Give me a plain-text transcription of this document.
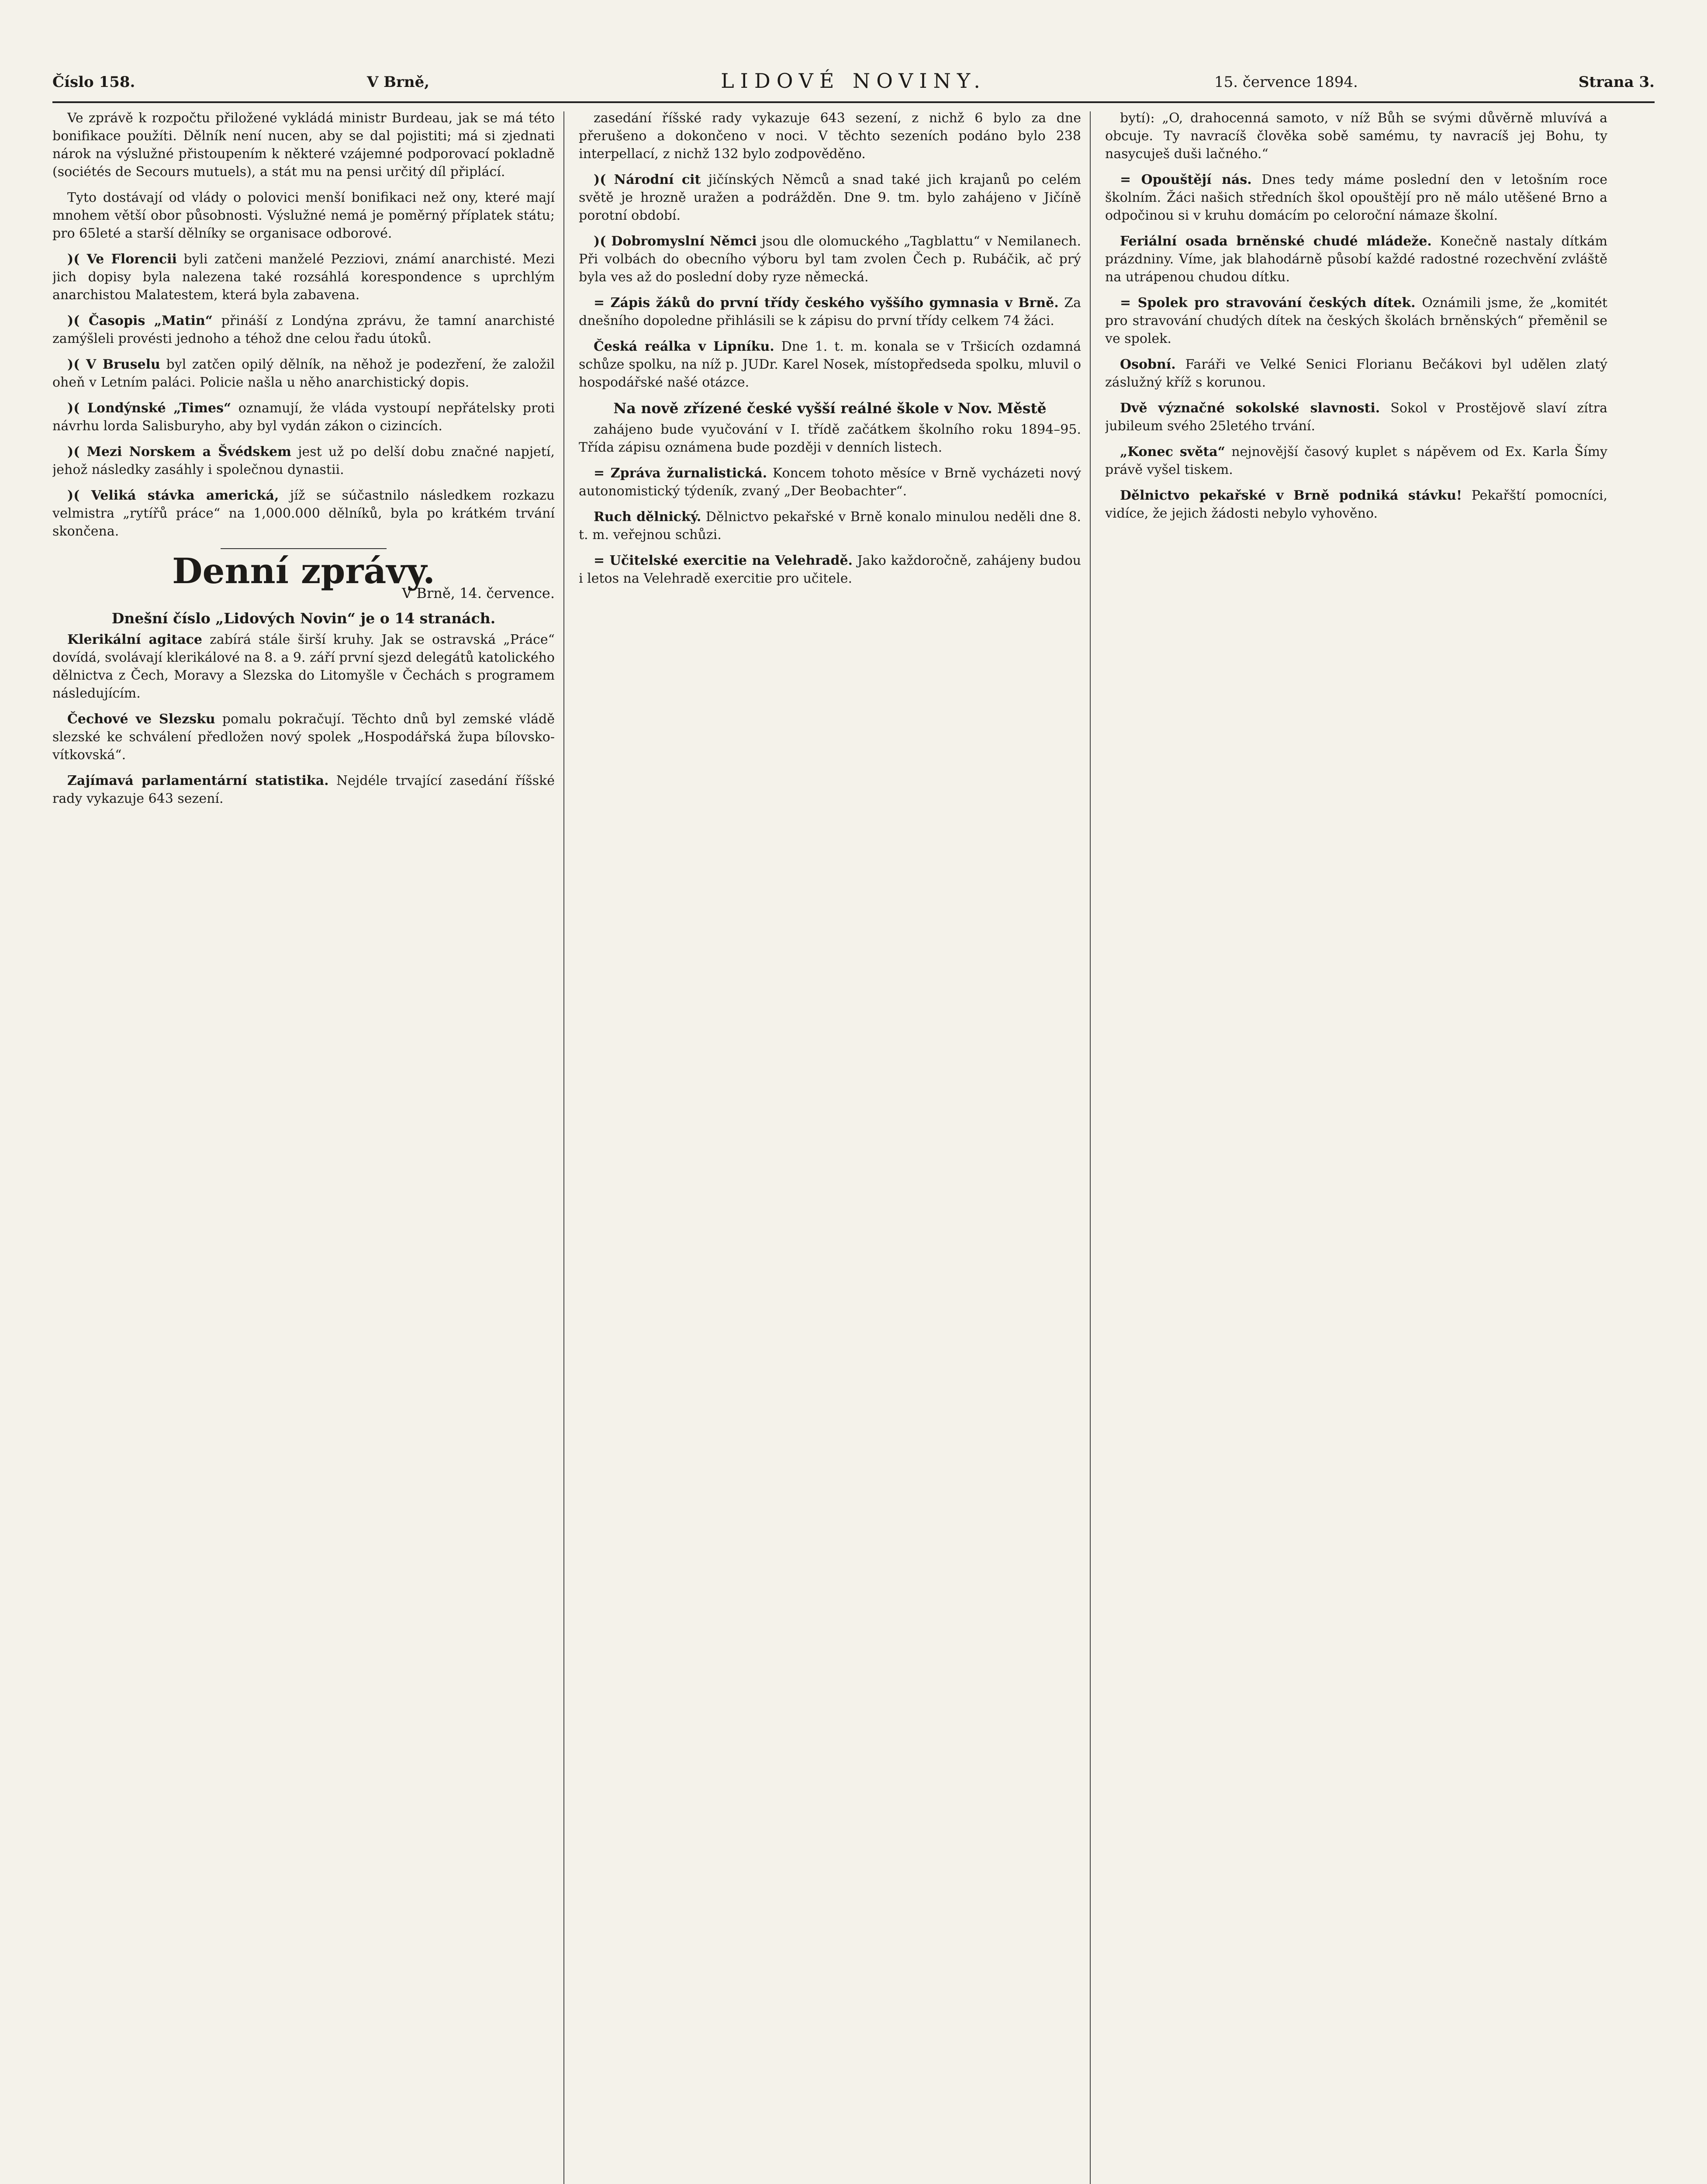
Číslo 158.	V Brně,	LIDOVÉ NOVINY.	15. července 1894.	Strana 3.

Ve zprávě k rozpočtu přiložené vykládá ministr Burdeau, jak se má této bonifikace použíti. Dělník není nucen, aby se dal pojistiti; má si zjednati nárok na výslužné přistoupením k některé vzájemné podporovací pokladně (sociétés de Secours mutuels), a stát mu na pensi určitý díl připlácí.

Tyto dostávají od vlády o polovici menší bonifikaci než ony, které mají mnohem větší obor působnosti. Výslužné nemá je poměrný příplatek státu; pro 65leté a starší dělníky se organisace odborové.

)( Ve Florencii byli zatčeni manželé Pezziovi, známí anarchisté. Mezi jich dopisy byla nalezena také rozsáhlá korespondence s uprchlým anarchistou Malatestem, která byla zabavena.

)( Časopis „Matin“ přináší z Londýna zprávu, že tamní anarchisté zamýšleli provésti jednoho a téhož dne celou řadu útoků.

)( V Bruselu byl zatčen opilý dělník, na něhož je podezření, že založil oheň v Letním paláci. Policie našla u něho anarchistický dopis.

)( Londýnské „Times“ oznamují, že vláda vystoupí nepřátelsky proti návrhu lorda Salisburyho, aby byl vydán zákon o cizincích.

)( Mezi Norskem a Švédskem jest už po delší dobu značné napjetí, jehož následky zasáhly i společnou dynastii.

)( Veliká stávka americká, jíž se súčastnilo následkem rozkazu velmistra „rytířů práce“ na 1,000.000 dělníků, byla po krátkém trvání skončena.

Denní zprávy.
V Brně, 14. července.
Dnešní číslo „Lidových Novin“ je o 14 stranách.

Klerikální agitace zabírá stále širší kruhy. Jak se ostravská „Práce“ dovídá, svolávají klerikálové na 8. a 9. září první sjezd delegátů katolického dělnictva z Čech, Moravy a Slezska do Litomyšle v Čechách s programem následujícím.

Čechové ve Slezsku pomalu pokračují. Těchto dnů byl zemské vládě slezské ke schválení předložen nový spolek „Hospodářská župa bílovsko-vítkovská“.

Zajímavá parlamentární statistika. Nejdéle trvající zasedání říšské rady vykazuje 643 sezení.

zasedání říšské rady vykazuje 643 sezení, z nichž 6 bylo za dne přerušeno a dokončeno v noci. V těchto sezeních podáno bylo 238 interpellací, z nichž 132 bylo zodpověděno.

)( Národní cit jičínských Němců a snad také jich krajanů po celém světě je hrozně uražen a podrážděn. Dne 9. tm. bylo zahájeno v Jičíně porotní období.

)( Dobromyslní Němci jsou dle olomuckého „Tagblattu“ v Nemilanech. Při volbách do obecního výboru byl tam zvolen Čech p. Rubáčik, ač prý byla ves až do poslední doby ryze německá.

= Zápis žáků do první třídy českého vyššího gymnasia v Brně. Za dnešního dopoledne přihlásili se k zápisu do první třídy celkem 74 žáci.

Česká reálka v Lipníku. Dne 1. t. m. konala se v Tršicích ozdamná schůze spolku, na níž p. JUDr. Karel Nosek, místopředseda spolku, mluvil o hospodářské našé otázce.

Na nově zřízené české vyšší reálné škole v Nov. Městě

zahájeno bude vyučování v I. třídě začátkem školního roku 1894–95. Třída zápisu oznámena bude později v denních listech.

= Zpráva žurnalistická. Koncem tohoto měsíce v Brně vycházeti nový autonomistický týdeník, zvaný „Der Beobachter“.

Ruch dělnický. Dělnictvo pekařské v Brně konalo minulou neděli dne 8. t. m. veřejnou schůzi.

= Učitelské exercitie na Velehradě. Jako každoročně, zahájeny budou i letos na Velehradě exercitie pro učitele.

bytí): „O, drahocenná samoto, v níž Bůh se svými důvěrně mluvívá a obcuje. Ty navracíš člověka sobě samému, ty navracíš jej Bohu, ty nasycuješ duši lačného.“

= Opouštějí nás. Dnes tedy máme poslední den v letošním roce školním. Žáci našich středních škol opouštějí pro ně málo utěšené Brno a odpočinou si v kruhu domácím po celoroční námaze školní.

Feriální osada brněnské chudé mládeže. Konečně nastaly dítkám prázdniny. Víme, jak blahodárně působí každé radostné rozechvění zvláště na utrápenou chudou dítku.

= Spolek pro stravování českých dítek. Oznámili jsme, že „komitét pro stravování chudých dítek na českých školách brněnských“ přeměnil se ve spolek.

Osobní. Faráři ve Velké Senici Florianu Bečákovi byl udělen zlatý záslužný kříž s korunou.

Dvě význačné sokolské slavnosti. Sokol v Prostějově slaví zítra jubileum svého 25letého trvání.

„Konec světa“ nejnovější časový kuplet s nápěvem od Ex. Karla Šímy právě vyšel tiskem.

Dělnictvo pekařské v Brně podniká stávku! Pekařští pomocníci, vidíce, že jejich žádosti nebylo vyhověno.
